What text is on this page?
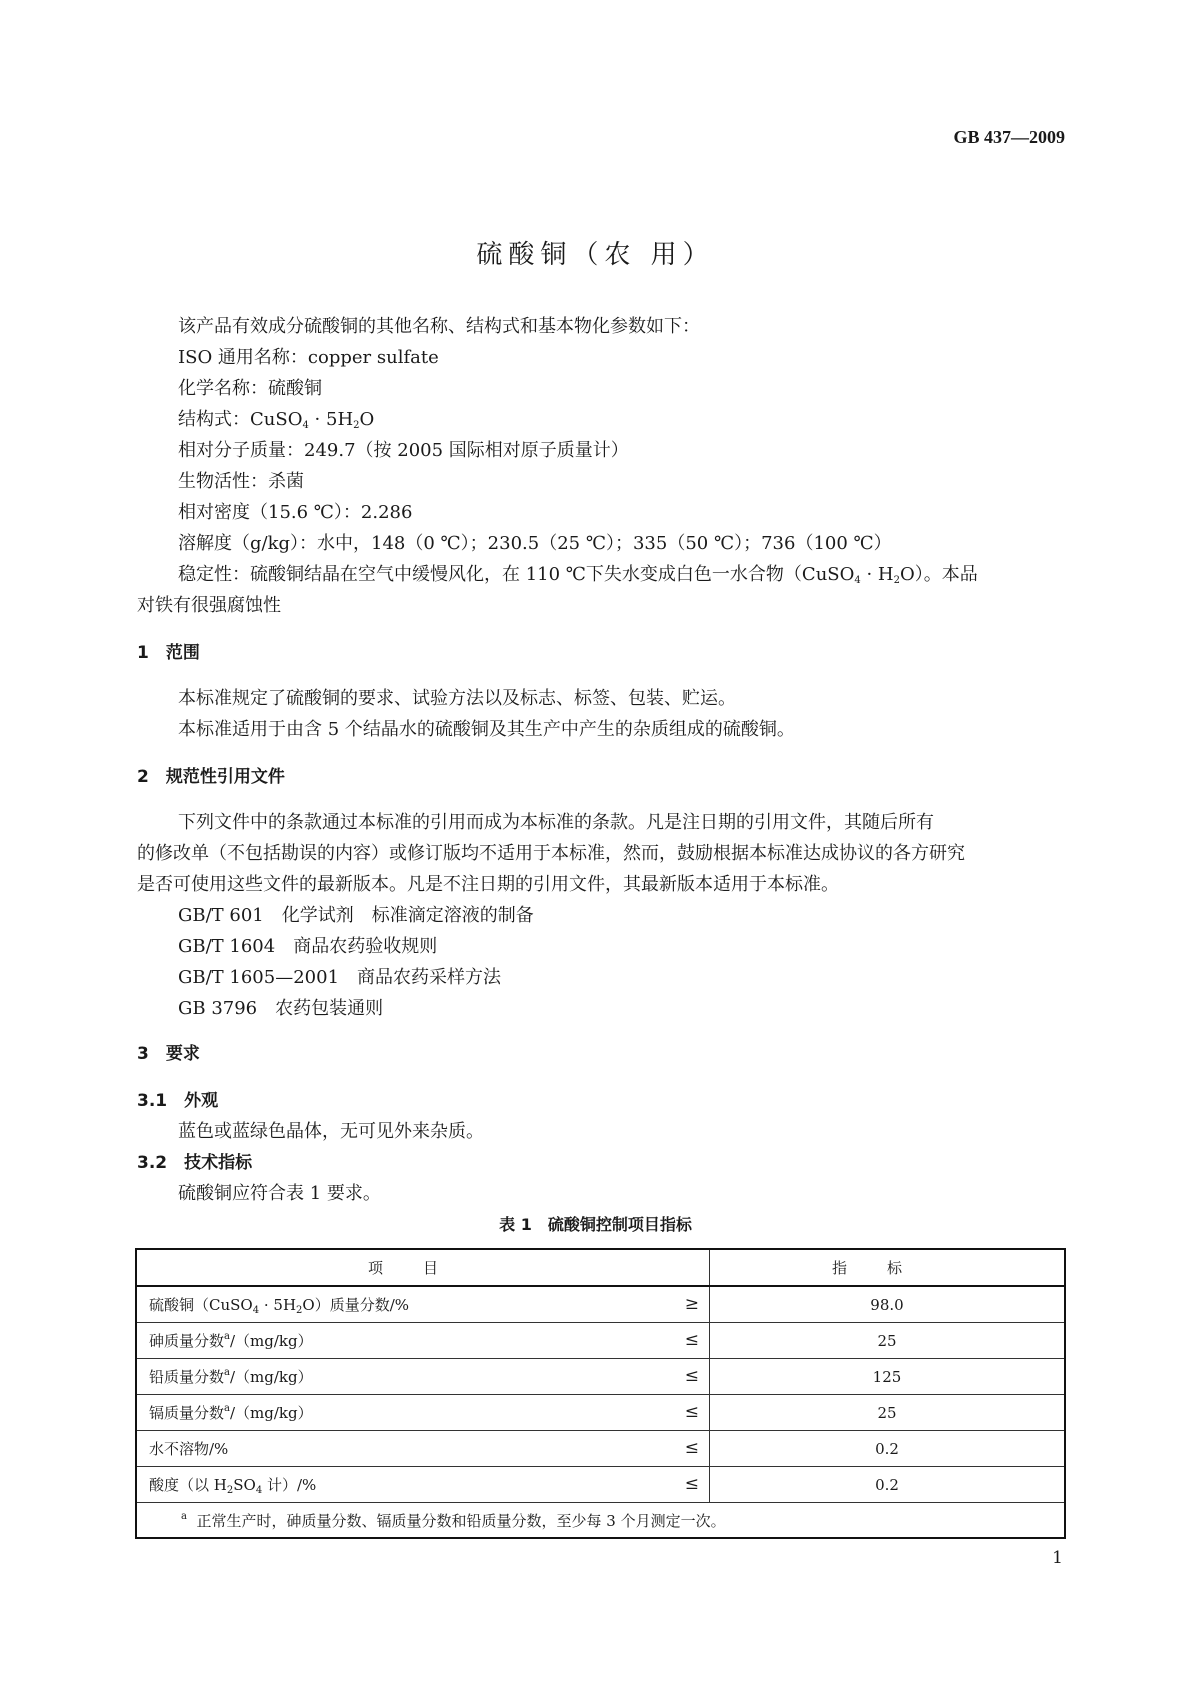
GB 437—2009
硫酸铜（农 用）
该产品有效成分硫酸铜的其他名称、结构式和基本物化参数如下：
ISO 通用名称：copper sulfate
化学名称：硫酸铜
结构式：CuSO$_4$ · $5H_2O$
相对分子质量：249.7（按 2005 国际相对原子质量计）
生物活性：杀菌
相对密度（15.6 ℃）：2.286
溶解度（g/kg）：水中，148（0 ℃）；230.5（25 ℃）；335（50 ℃）；736（100 ℃）
稳定性：硫酸铜结晶在空气中缓慢风化，在 110 ℃下失水变成白色一水合物（CuSO$_4$ · $H_2O$）。本品
对铁有很强腐蚀性
1　范围
本标准规定了硫酸铜的要求、试验方法以及标志、标签、包装、贮运。
本标准适用于由含 5 个结晶水的硫酸铜及其生产中产生的杂质组成的硫酸铜。
2　规范性引用文件
下列文件中的条款通过本标准的引用而成为本标准的条款。凡是注日期的引用文件，其随后所有
的修改单（不包括勘误的内容）或修订版均不适用于本标准，然而，鼓励根据本标准达成协议的各方研究
是否可使用这些文件的最新版本。凡是不注日期的引用文件，其最新版本适用于本标准。
GB/T 601　化学试剂　标准滴定溶液的制备
GB/T 1604　商品农药验收规则
GB/T 1605—2001　商品农药采样方法
GB 3796　农药包装通则
3　要求
3.1　外观
蓝色或蓝绿色晶体，无可见外来杂质。
3.2　技术指标
硫酸铜应符合表 1 要求。
表 1　硫酸铜控制项目指标
项目	指标
硫酸铜（CuSO$_4$ · $5H_2O$）质量分数/% ≥	98.0
砷质量分数$^a$/（mg/kg） ≤	25
铅质量分数$^a$/（mg/kg） ≤	125
镉质量分数$^a$/（mg/kg） ≤	25
水不溶物/% ≤	0.2
酸度（以 $H_2SO_4$ 计）/% ≤	0.2
$^a$ 正常生产时，砷质量分数、镉质量分数和铅质量分数，至少每 3 个月测定一次。	
1
